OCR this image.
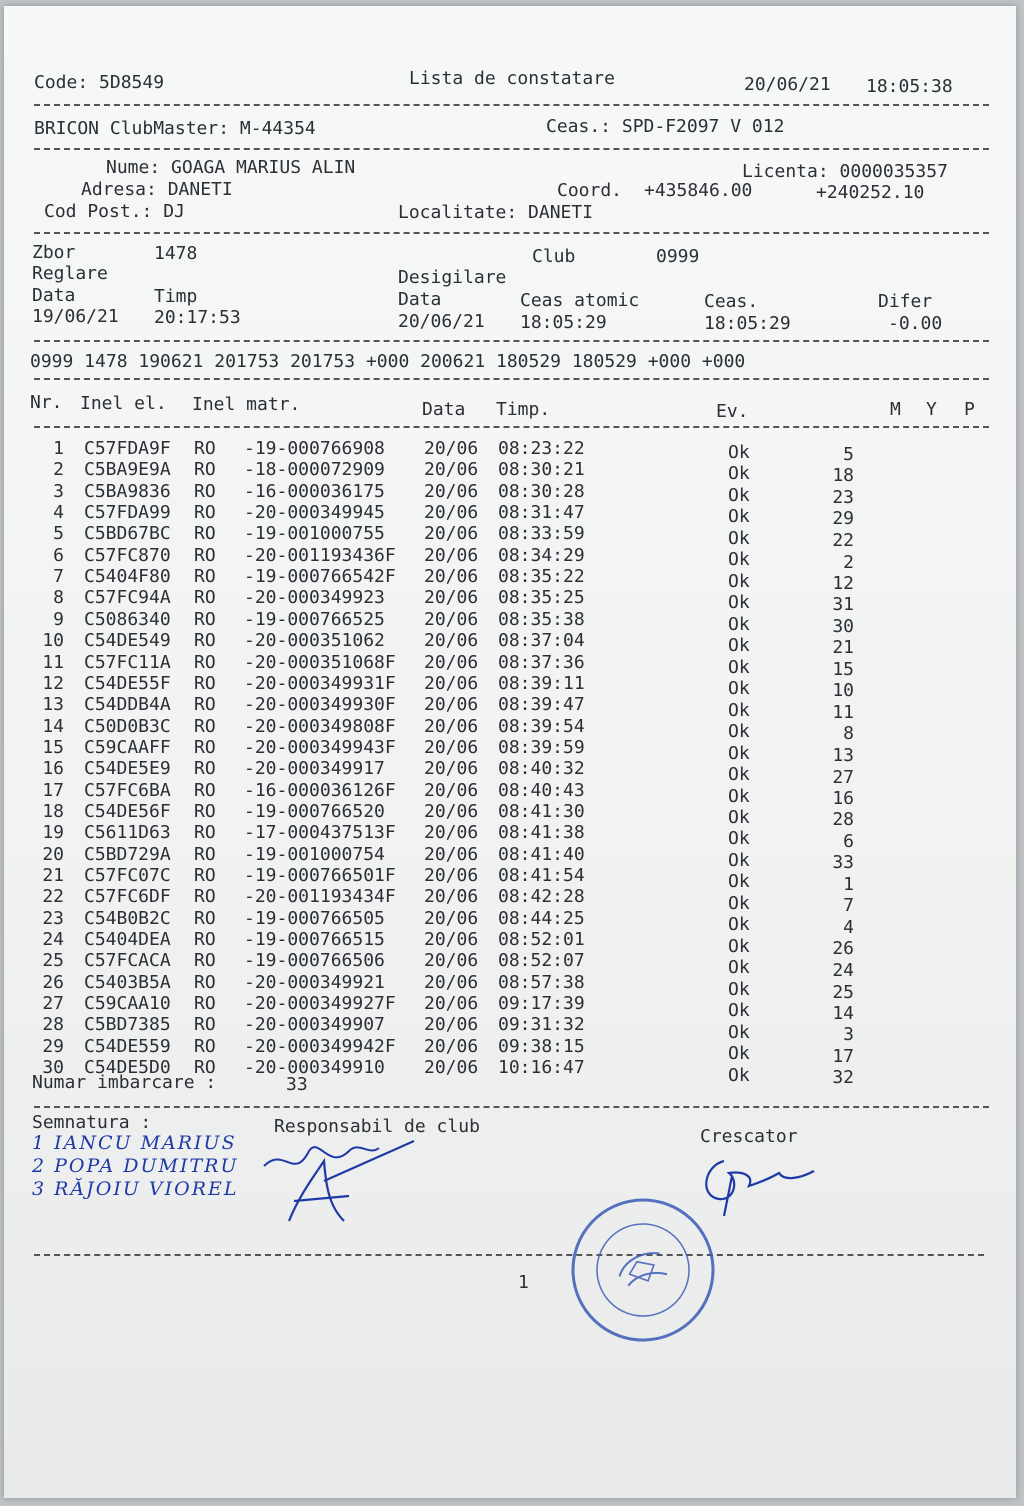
Code: 5D8549	Lista de constatare	20/06/21 18:05:38
BRICON ClubMaster: M-44354	Ceas.: SPD-F2097 V 012
Nume: GOAGA MARIUS ALIN	Licenta: 0000035357
Adresa: DANETI	Coord. +435846.00	+240252.10
Cod Post.: DJ	Localitate: DANETI
Zbor	1478	Club	0999
Reglare	Desigilare
Data	Timp	Data	Ceas atomic	Ceas.	Difer
19/06/21 20:17:53	20/06/21 18:05:29	18:05:29	-0.00
0999 1478 190621 201753 201753 +000 200621 180529 180529 +000 +000
Nr. Inel el. Inel matr.	Data Timp.	Ev.	M Y P
1 C57FDA9F RO -19-000766908 20/06 08:23:22	Ok	5
2 C5BA9E9A RO -18-000072909 20/06 08:30:21	Ok	18
3 C5BA9836 RO -16-000036175 20/06 08:30:28	Ok	23
4 C57FDA99 RO -20-000349945 20/06 08:31:47	Ok	29
5 C5BD67BC RO -19-001000755 20/06 08:33:59	Ok	22
6 C57FC870 RO -20-001193436F 20/06 08:34:29	Ok	2
7 C5404F80 RO -19-000766542F 20/06 08:35:22	Ok	12
8 C57FC94A RO -20-000349923 20/06 08:35:25	Ok	31
9 C5086340 RO -19-000766525 20/06 08:35:38	Ok	30
10 C54DE549 RO -20-000351062 20/06 08:37:04	Ok	21
11 C57FC11A RO -20-000351068F 20/06 08:37:36	Ok	15
12 C54DE55F RO -20-000349931F 20/06 08:39:11	Ok	10
13 C54DDB4A RO -20-000349930F 20/06 08:39:47	Ok	11
14 C50D0B3C RO -20-000349808F 20/06 08:39:54	Ok	8
15 C59CAAFF RO -20-000349943F 20/06 08:39:59	Ok	13
16 C54DE5E9 RO -20-000349917 20/06 08:40:32	Ok	27
17 C57FC6BA RO -16-000036126F 20/06 08:40:43	Ok	16
18 C54DE56F RO -19-000766520 20/06 08:41:30	Ok	28
19 C5611D63 RO -17-000437513F 20/06 08:41:38	Ok	6
20 C5BD729A RO -19-001000754 20/06 08:41:40	Ok	33
21 C57FC07C RO -19-000766501F 20/06 08:41:54	Ok	1
22 C57FC6DF RO -20-001193434F 20/06 08:42:28	Ok	7
23 C54B0B2C RO -19-000766505 20/06 08:44:25	Ok	4
24 C5404DEA RO -19-000766515 20/06 08:52:01	Ok	26
25 C57FCACA RO -19-000766506 20/06 08:52:07	Ok	24
26 C5403B5A RO -20-000349921 20/06 08:57:38	Ok	25
27 C59CAA10 RO -20-000349927F 20/06 09:17:39	Ok	14
28 C5BD7385 RO -20-000349907 20/06 09:31:32	Ok	3
29 C54DE559 RO -20-000349942F 20/06 09:38:15	Ok	17
30 C54DE5D0 RO -20-000349910 20/06 10:16:47	Ok	32
Numar imbarcare :	33
Semnatura :	Responsabil de club	Crescator
1 IANCU MARIUS
2 POPA DUMITRU
3 RĂJOIU VIOREL
1
